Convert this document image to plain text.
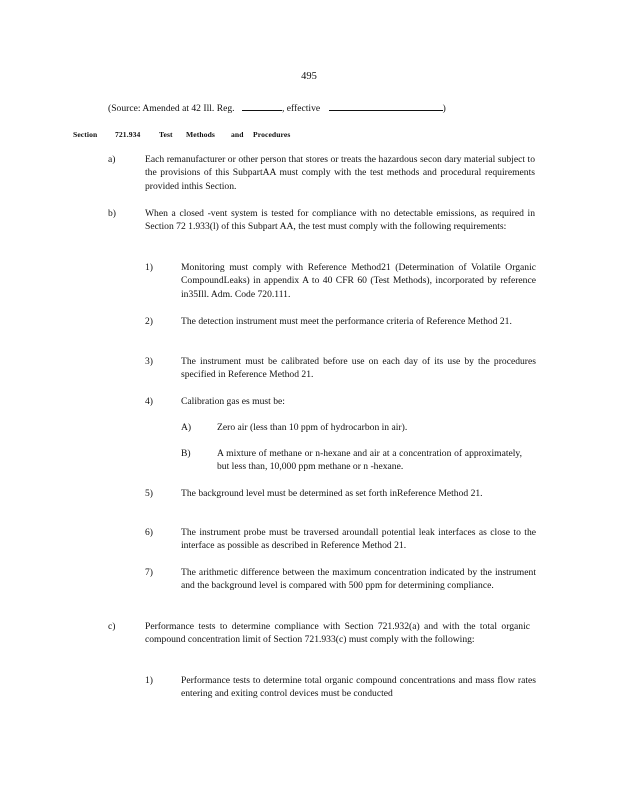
495
(Source: Amended at 42 Ill. Reg.	, effective	)
Section 721.934 Test Methods and Procedures
a)	Each remanufacturer or other person that stores or treats the hazardous secon dary material subject to the provisions of this SubpartAA must comply with the test methods and procedural requirements provided inthis Section.

b)	When a closed -vent system is tested for compliance with no detectable emissions, as required in Section 72 1.933(l) of this Subpart AA, the test must comply with the following requirements:

1)	Monitoring must comply with Reference Method21 (Determination of Volatile Organic CompoundLeaks) in appendix A to 40 CFR 60 (Test Methods), incorporated by reference in35Ill. Adm. Code 720.111.

2)	The detection instrument must meet the performance criteria of Reference Method 21.

3)	The instrument must be calibrated before use on each day of its use by the procedures specified in Reference Method 21.

4)	Calibration gas es must be:

A)	Zero air (less than 10 ppm of hydrocarbon in air).

B)	A mixture of methane or n-hexane and air at a concentration of approximately, but less than, 10,000 ppm methane or n -hexane.

5)	The background level must be determined as set forth inReference Method 21.

6)	The instrument probe must be traversed aroundall potential leak interfaces as close to the interface as possible as described in Reference Method 21.

7)	The arithmetic difference between the maximum concentration indicated by the instrument and the background level is compared with 500 ppm for determining compliance.

c)	Performance tests to determine compliance with Section 721.932(a) and with the total organic compound concentration limit of Section 721.933(c) must comply with the following:

1)	Performance tests to determine total organic compound concentrations and mass flow rates entering and exiting control devices must be conducted
